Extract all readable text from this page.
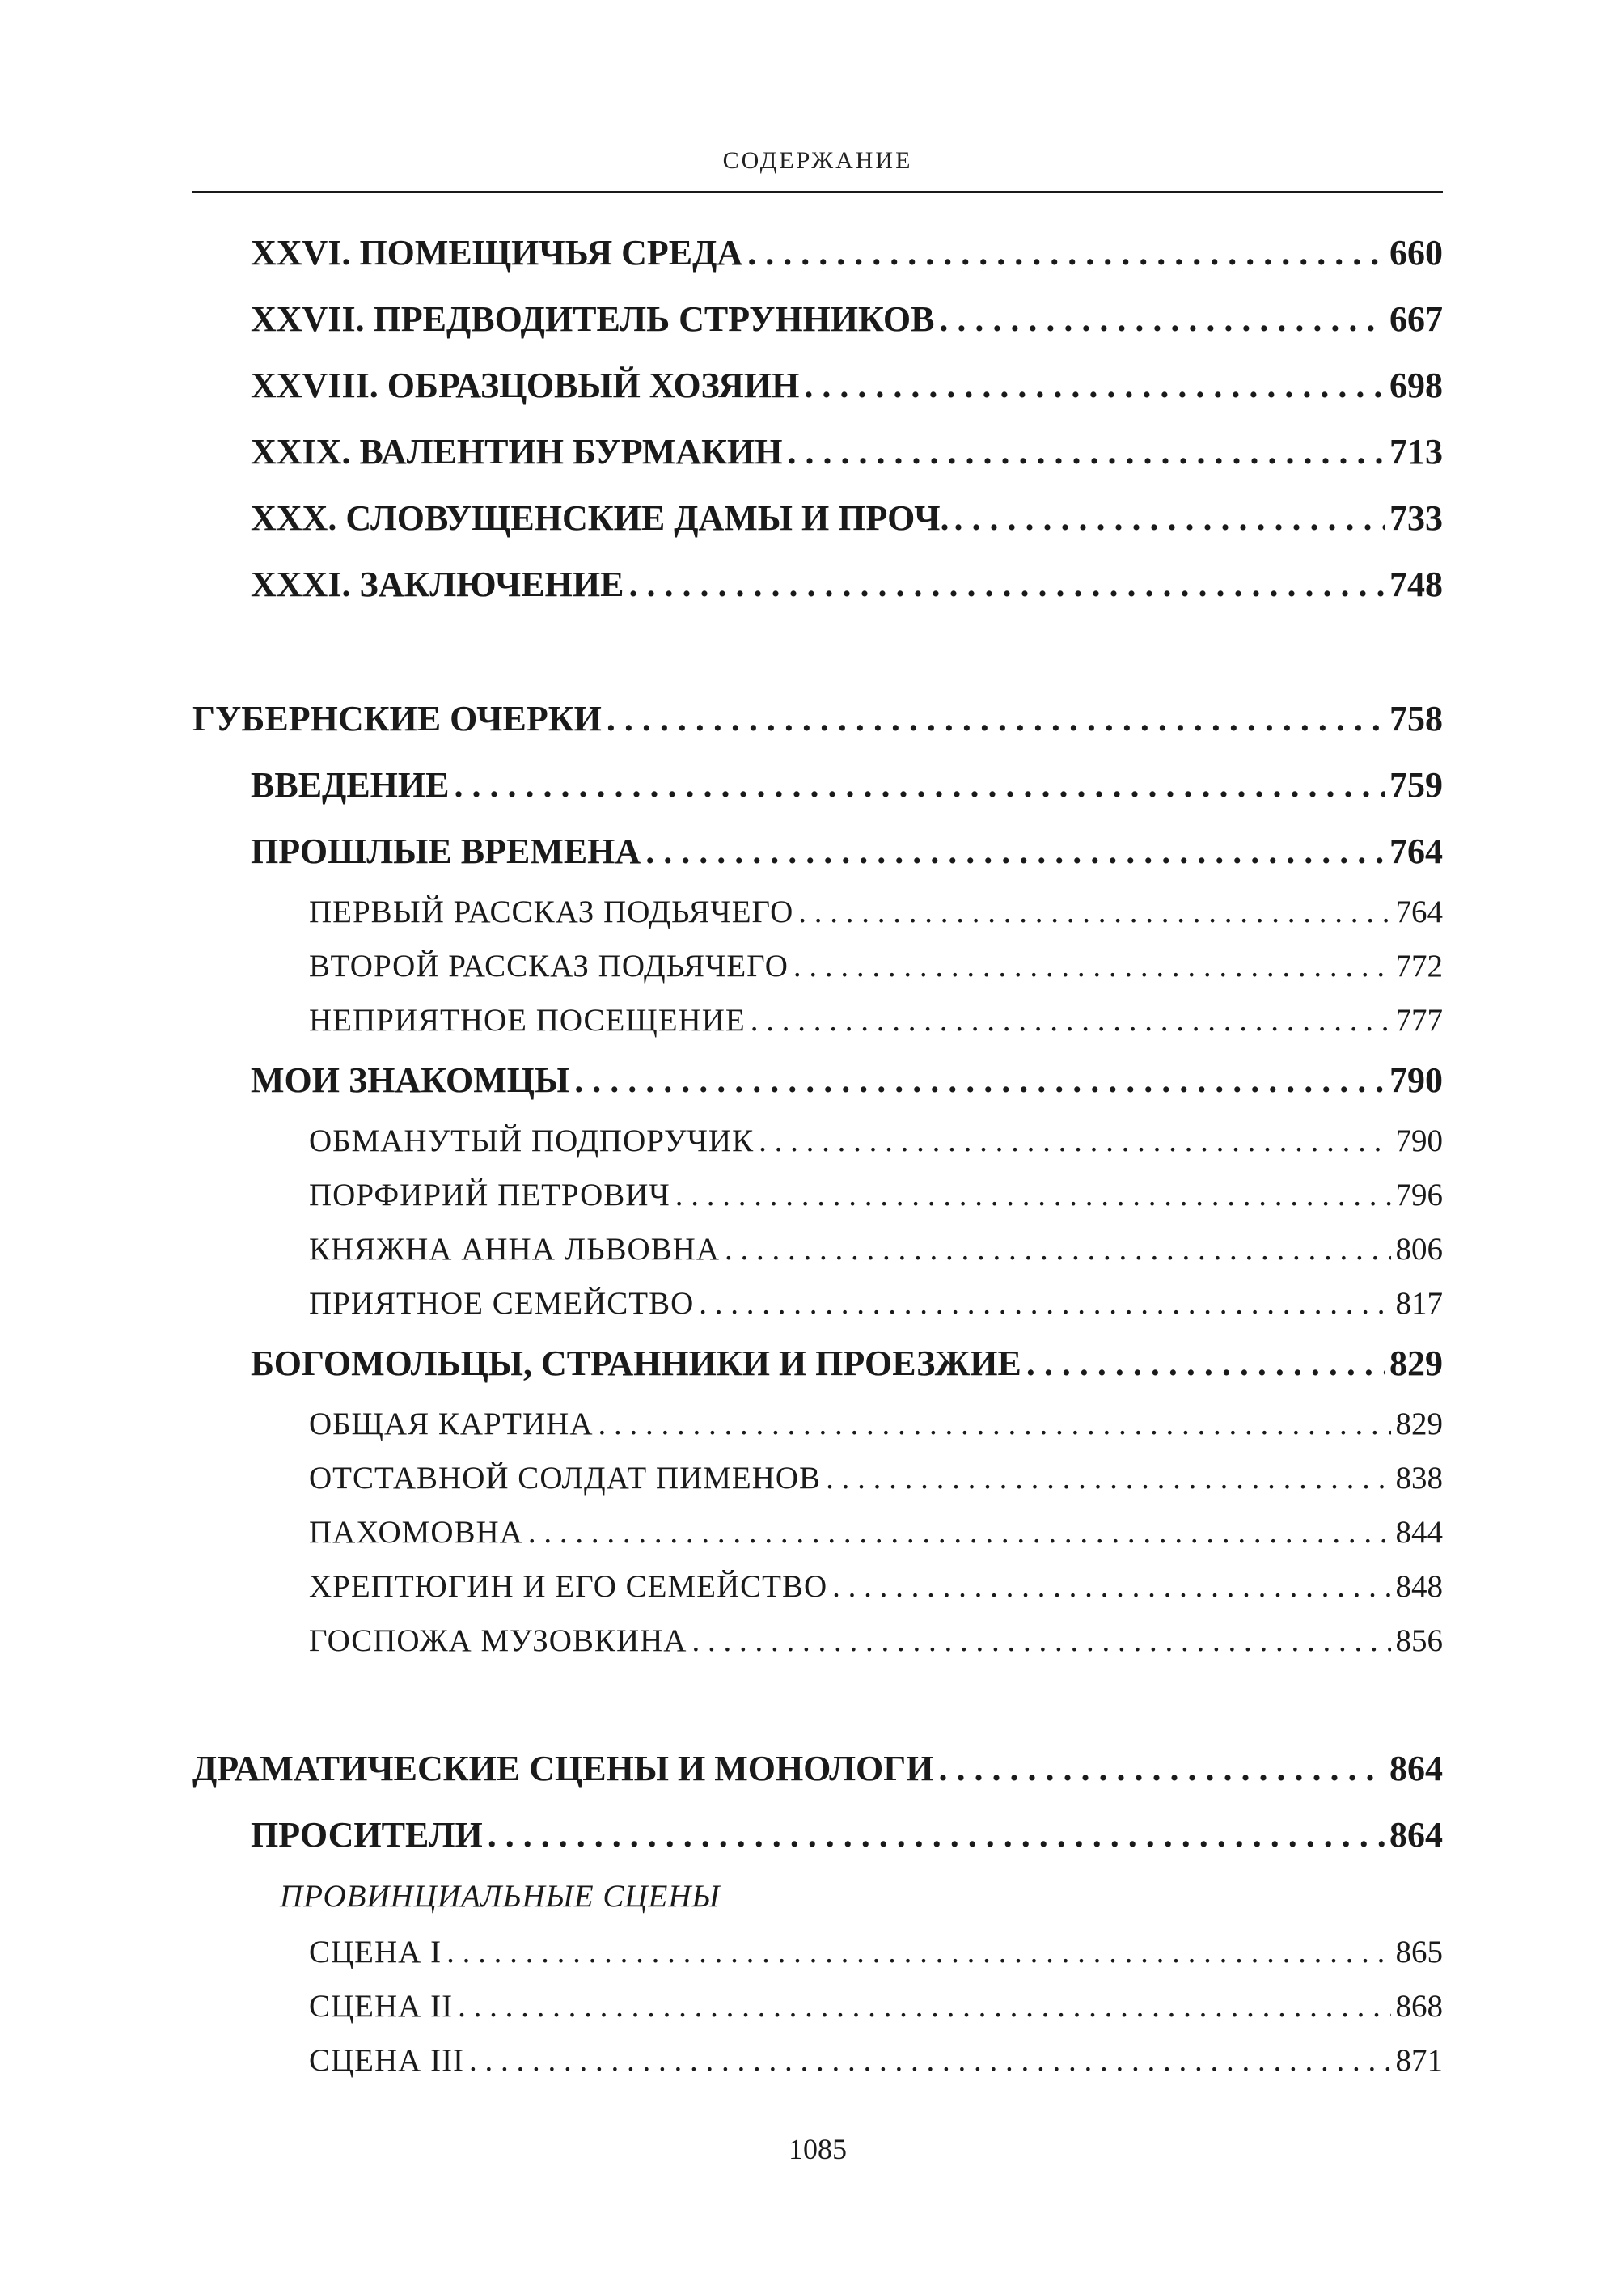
СОДЕРЖАНИЕ
XXVI. ПОМЕЩИЧЬЯ СРЕДА . . .	660
XXVII. ПРЕДВОДИТЕЛЬ СТРУННИКОВ . . .	667
XXVIII. ОБРАЗЦОВЫЙ ХОЗЯИН . . .	698
XXIX. ВАЛЕНТИН БУРМАКИН . . .	713
XXX. СЛОВУЩЕНСКИЕ ДАМЫ И ПРОЧ. . . .	733
XXXI. ЗАКЛЮЧЕНИЕ . . .	748
ГУБЕРНСКИЕ ОЧЕРКИ . . .	758
ВВЕДЕНИЕ . . .	759
ПРОШЛЫЕ ВРЕМЕНА . . .	764
ПЕРВЫЙ РАССКАЗ ПОДЬЯЧЕГО . . .	764
ВТОРОЙ РАССКАЗ ПОДЬЯЧЕГО . . .	772
НЕПРИЯТНОЕ ПОСЕЩЕНИЕ . . .	777
МОИ ЗНАКОМЦЫ . . .	790
ОБМАНУТЫЙ ПОДПОРУЧИК . . .	790
ПОРФИРИЙ ПЕТРОВИЧ . . .	796
КНЯЖНА АННА ЛЬВОВНА . . .	806
ПРИЯТНОЕ СЕМЕЙСТВО . . .	817
БОГОМОЛЬЦЫ, СТРАННИКИ И ПРОЕЗЖИЕ . . .	829
ОБЩАЯ КАРТИНА . . .	829
ОТСТАВНОЙ СОЛДАТ ПИМЕНОВ . . .	838
ПАХОМОВНА . . .	844
ХРЕПТЮГИН И ЕГО СЕМЕЙСТВО . . .	848
ГОСПОЖА МУЗОВКИНА . . .	856
ДРАМАТИЧЕСКИЕ СЦЕНЫ И МОНОЛОГИ . . .	864
ПРОСИТЕЛИ . . .	864
ПРОВИНЦИАЛЬНЫЕ СЦЕНЫ
СЦЕНА I . . .	865
СЦЕНА II . . .	868
СЦЕНА III . . .	871
1085
